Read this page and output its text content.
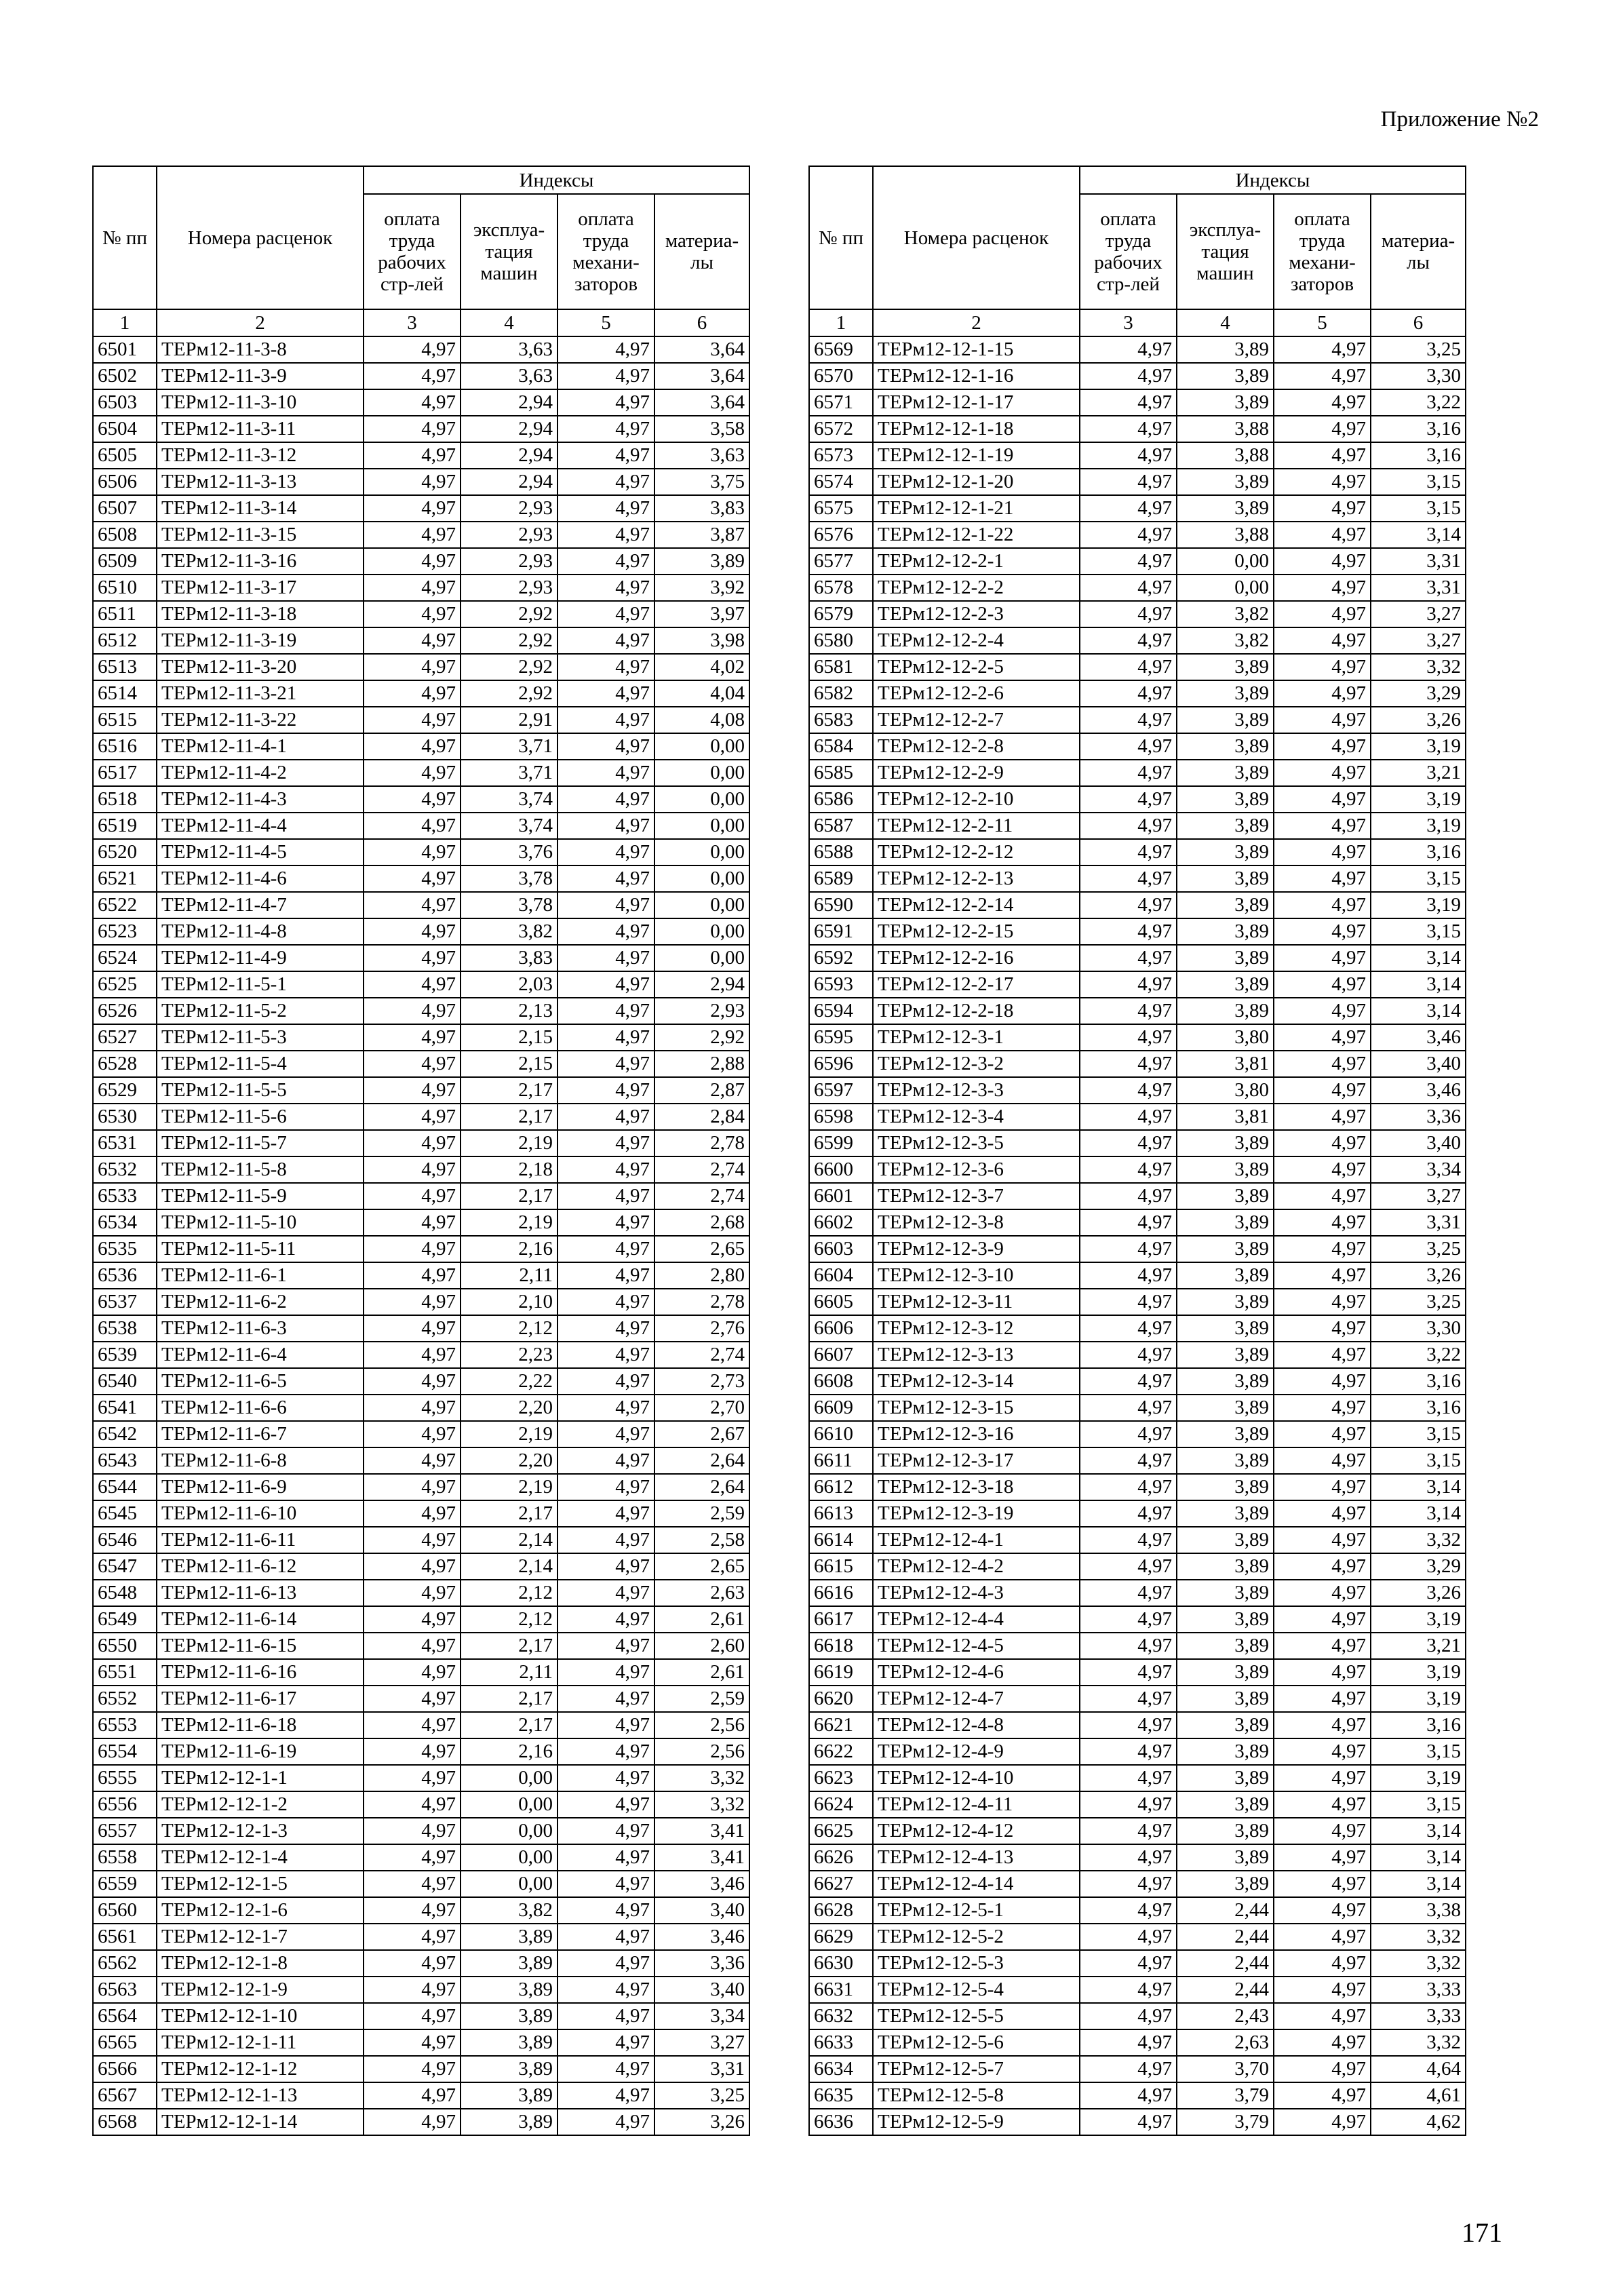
Приложение №2
№ пп	Номера расценок	Индексы			
		оплата труда рабочих стр-лей	эксплуа-тация машин	оплата труда механи-заторов	материа-лы
1	2	3	4	5	6
6501	ТЕРм12-11-3-8	4,97	3,63	4,97	3,64
6502	ТЕРм12-11-3-9	4,97	3,63	4,97	3,64
6503	ТЕРм12-11-3-10	4,97	2,94	4,97	3,64
6504	ТЕРм12-11-3-11	4,97	2,94	4,97	3,58
6505	ТЕРм12-11-3-12	4,97	2,94	4,97	3,63
6506	ТЕРм12-11-3-13	4,97	2,94	4,97	3,75
6507	ТЕРм12-11-3-14	4,97	2,93	4,97	3,83
6508	ТЕРм12-11-3-15	4,97	2,93	4,97	3,87
6509	ТЕРм12-11-3-16	4,97	2,93	4,97	3,89
6510	ТЕРм12-11-3-17	4,97	2,93	4,97	3,92
6511	ТЕРм12-11-3-18	4,97	2,92	4,97	3,97
6512	ТЕРм12-11-3-19	4,97	2,92	4,97	3,98
6513	ТЕРм12-11-3-20	4,97	2,92	4,97	4,02
6514	ТЕРм12-11-3-21	4,97	2,92	4,97	4,04
6515	ТЕРм12-11-3-22	4,97	2,91	4,97	4,08
6516	ТЕРм12-11-4-1	4,97	3,71	4,97	0,00
6517	ТЕРм12-11-4-2	4,97	3,71	4,97	0,00
6518	ТЕРм12-11-4-3	4,97	3,74	4,97	0,00
6519	ТЕРм12-11-4-4	4,97	3,74	4,97	0,00
6520	ТЕРм12-11-4-5	4,97	3,76	4,97	0,00
6521	ТЕРм12-11-4-6	4,97	3,78	4,97	0,00
6522	ТЕРм12-11-4-7	4,97	3,78	4,97	0,00
6523	ТЕРм12-11-4-8	4,97	3,82	4,97	0,00
6524	ТЕРм12-11-4-9	4,97	3,83	4,97	0,00
6525	ТЕРм12-11-5-1	4,97	2,03	4,97	2,94
6526	ТЕРм12-11-5-2	4,97	2,13	4,97	2,93
6527	ТЕРм12-11-5-3	4,97	2,15	4,97	2,92
6528	ТЕРм12-11-5-4	4,97	2,15	4,97	2,88
6529	ТЕРм12-11-5-5	4,97	2,17	4,97	2,87
6530	ТЕРм12-11-5-6	4,97	2,17	4,97	2,84
6531	ТЕРм12-11-5-7	4,97	2,19	4,97	2,78
6532	ТЕРм12-11-5-8	4,97	2,18	4,97	2,74
6533	ТЕРм12-11-5-9	4,97	2,17	4,97	2,74
6534	ТЕРм12-11-5-10	4,97	2,19	4,97	2,68
6535	ТЕРм12-11-5-11	4,97	2,16	4,97	2,65
6536	ТЕРм12-11-6-1	4,97	2,11	4,97	2,80
6537	ТЕРм12-11-6-2	4,97	2,10	4,97	2,78
6538	ТЕРм12-11-6-3	4,97	2,12	4,97	2,76
6539	ТЕРм12-11-6-4	4,97	2,23	4,97	2,74
6540	ТЕРм12-11-6-5	4,97	2,22	4,97	2,73
6541	ТЕРм12-11-6-6	4,97	2,20	4,97	2,70
6542	ТЕРм12-11-6-7	4,97	2,19	4,97	2,67
6543	ТЕРм12-11-6-8	4,97	2,20	4,97	2,64
6544	ТЕРм12-11-6-9	4,97	2,19	4,97	2,64
6545	ТЕРм12-11-6-10	4,97	2,17	4,97	2,59
6546	ТЕРм12-11-6-11	4,97	2,14	4,97	2,58
6547	ТЕРм12-11-6-12	4,97	2,14	4,97	2,65
6548	ТЕРм12-11-6-13	4,97	2,12	4,97	2,63
6549	ТЕРм12-11-6-14	4,97	2,12	4,97	2,61
6550	ТЕРм12-11-6-15	4,97	2,17	4,97	2,60
6551	ТЕРм12-11-6-16	4,97	2,11	4,97	2,61
6552	ТЕРм12-11-6-17	4,97	2,17	4,97	2,59
6553	ТЕРм12-11-6-18	4,97	2,17	4,97	2,56
6554	ТЕРм12-11-6-19	4,97	2,16	4,97	2,56
6555	ТЕРм12-12-1-1	4,97	0,00	4,97	3,32
6556	ТЕРм12-12-1-2	4,97	0,00	4,97	3,32
6557	ТЕРм12-12-1-3	4,97	0,00	4,97	3,41
6558	ТЕРм12-12-1-4	4,97	0,00	4,97	3,41
6559	ТЕРм12-12-1-5	4,97	0,00	4,97	3,46
6560	ТЕРм12-12-1-6	4,97	3,82	4,97	3,40
6561	ТЕРм12-12-1-7	4,97	3,89	4,97	3,46
6562	ТЕРм12-12-1-8	4,97	3,89	4,97	3,36
6563	ТЕРм12-12-1-9	4,97	3,89	4,97	3,40
6564	ТЕРм12-12-1-10	4,97	3,89	4,97	3,34
6565	ТЕРм12-12-1-11	4,97	3,89	4,97	3,27
6566	ТЕРм12-12-1-12	4,97	3,89	4,97	3,31
6567	ТЕРм12-12-1-13	4,97	3,89	4,97	3,25
6568	ТЕРм12-12-1-14	4,97	3,89	4,97	3,26
№ пп	Номера расценок	Индексы			
		оплата труда рабочих стр-лей	эксплуа-тация машин	оплата труда механи-заторов	материа-лы
1	2	3	4	5	6
6569	ТЕРм12-12-1-15	4,97	3,89	4,97	3,25
6570	ТЕРм12-12-1-16	4,97	3,89	4,97	3,30
6571	ТЕРм12-12-1-17	4,97	3,89	4,97	3,22
6572	ТЕРм12-12-1-18	4,97	3,88	4,97	3,16
6573	ТЕРм12-12-1-19	4,97	3,88	4,97	3,16
6574	ТЕРм12-12-1-20	4,97	3,89	4,97	3,15
6575	ТЕРм12-12-1-21	4,97	3,89	4,97	3,15
6576	ТЕРм12-12-1-22	4,97	3,88	4,97	3,14
6577	ТЕРм12-12-2-1	4,97	0,00	4,97	3,31
6578	ТЕРм12-12-2-2	4,97	0,00	4,97	3,31
6579	ТЕРм12-12-2-3	4,97	3,82	4,97	3,27
6580	ТЕРм12-12-2-4	4,97	3,82	4,97	3,27
6581	ТЕРм12-12-2-5	4,97	3,89	4,97	3,32
6582	ТЕРм12-12-2-6	4,97	3,89	4,97	3,29
6583	ТЕРм12-12-2-7	4,97	3,89	4,97	3,26
6584	ТЕРм12-12-2-8	4,97	3,89	4,97	3,19
6585	ТЕРм12-12-2-9	4,97	3,89	4,97	3,21
6586	ТЕРм12-12-2-10	4,97	3,89	4,97	3,19
6587	ТЕРм12-12-2-11	4,97	3,89	4,97	3,19
6588	ТЕРм12-12-2-12	4,97	3,89	4,97	3,16
6589	ТЕРм12-12-2-13	4,97	3,89	4,97	3,15
6590	ТЕРм12-12-2-14	4,97	3,89	4,97	3,19
6591	ТЕРм12-12-2-15	4,97	3,89	4,97	3,15
6592	ТЕРм12-12-2-16	4,97	3,89	4,97	3,14
6593	ТЕРм12-12-2-17	4,97	3,89	4,97	3,14
6594	ТЕРм12-12-2-18	4,97	3,89	4,97	3,14
6595	ТЕРм12-12-3-1	4,97	3,80	4,97	3,46
6596	ТЕРм12-12-3-2	4,97	3,81	4,97	3,40
6597	ТЕРм12-12-3-3	4,97	3,80	4,97	3,46
6598	ТЕРм12-12-3-4	4,97	3,81	4,97	3,36
6599	ТЕРм12-12-3-5	4,97	3,89	4,97	3,40
6600	ТЕРм12-12-3-6	4,97	3,89	4,97	3,34
6601	ТЕРм12-12-3-7	4,97	3,89	4,97	3,27
6602	ТЕРм12-12-3-8	4,97	3,89	4,97	3,31
6603	ТЕРм12-12-3-9	4,97	3,89	4,97	3,25
6604	ТЕРм12-12-3-10	4,97	3,89	4,97	3,26
6605	ТЕРм12-12-3-11	4,97	3,89	4,97	3,25
6606	ТЕРм12-12-3-12	4,97	3,89	4,97	3,30
6607	ТЕРм12-12-3-13	4,97	3,89	4,97	3,22
6608	ТЕРм12-12-3-14	4,97	3,89	4,97	3,16
6609	ТЕРм12-12-3-15	4,97	3,89	4,97	3,16
6610	ТЕРм12-12-3-16	4,97	3,89	4,97	3,15
6611	ТЕРм12-12-3-17	4,97	3,89	4,97	3,15
6612	ТЕРм12-12-3-18	4,97	3,89	4,97	3,14
6613	ТЕРм12-12-3-19	4,97	3,89	4,97	3,14
6614	ТЕРм12-12-4-1	4,97	3,89	4,97	3,32
6615	ТЕРм12-12-4-2	4,97	3,89	4,97	3,29
6616	ТЕРм12-12-4-3	4,97	3,89	4,97	3,26
6617	ТЕРм12-12-4-4	4,97	3,89	4,97	3,19
6618	ТЕРм12-12-4-5	4,97	3,89	4,97	3,21
6619	ТЕРм12-12-4-6	4,97	3,89	4,97	3,19
6620	ТЕРм12-12-4-7	4,97	3,89	4,97	3,19
6621	ТЕРм12-12-4-8	4,97	3,89	4,97	3,16
6622	ТЕРм12-12-4-9	4,97	3,89	4,97	3,15
6623	ТЕРм12-12-4-10	4,97	3,89	4,97	3,19
6624	ТЕРм12-12-4-11	4,97	3,89	4,97	3,15
6625	ТЕРм12-12-4-12	4,97	3,89	4,97	3,14
6626	ТЕРм12-12-4-13	4,97	3,89	4,97	3,14
6627	ТЕРм12-12-4-14	4,97	3,89	4,97	3,14
6628	ТЕРм12-12-5-1	4,97	2,44	4,97	3,38
6629	ТЕРм12-12-5-2	4,97	2,44	4,97	3,32
6630	ТЕРм12-12-5-3	4,97	2,44	4,97	3,32
6631	ТЕРм12-12-5-4	4,97	2,44	4,97	3,33
6632	ТЕРм12-12-5-5	4,97	2,43	4,97	3,33
6633	ТЕРм12-12-5-6	4,97	2,63	4,97	3,32
6634	ТЕРм12-12-5-7	4,97	3,70	4,97	4,64
6635	ТЕРм12-12-5-8	4,97	3,79	4,97	4,61
6636	ТЕРм12-12-5-9	4,97	3,79	4,97	4,62
171
